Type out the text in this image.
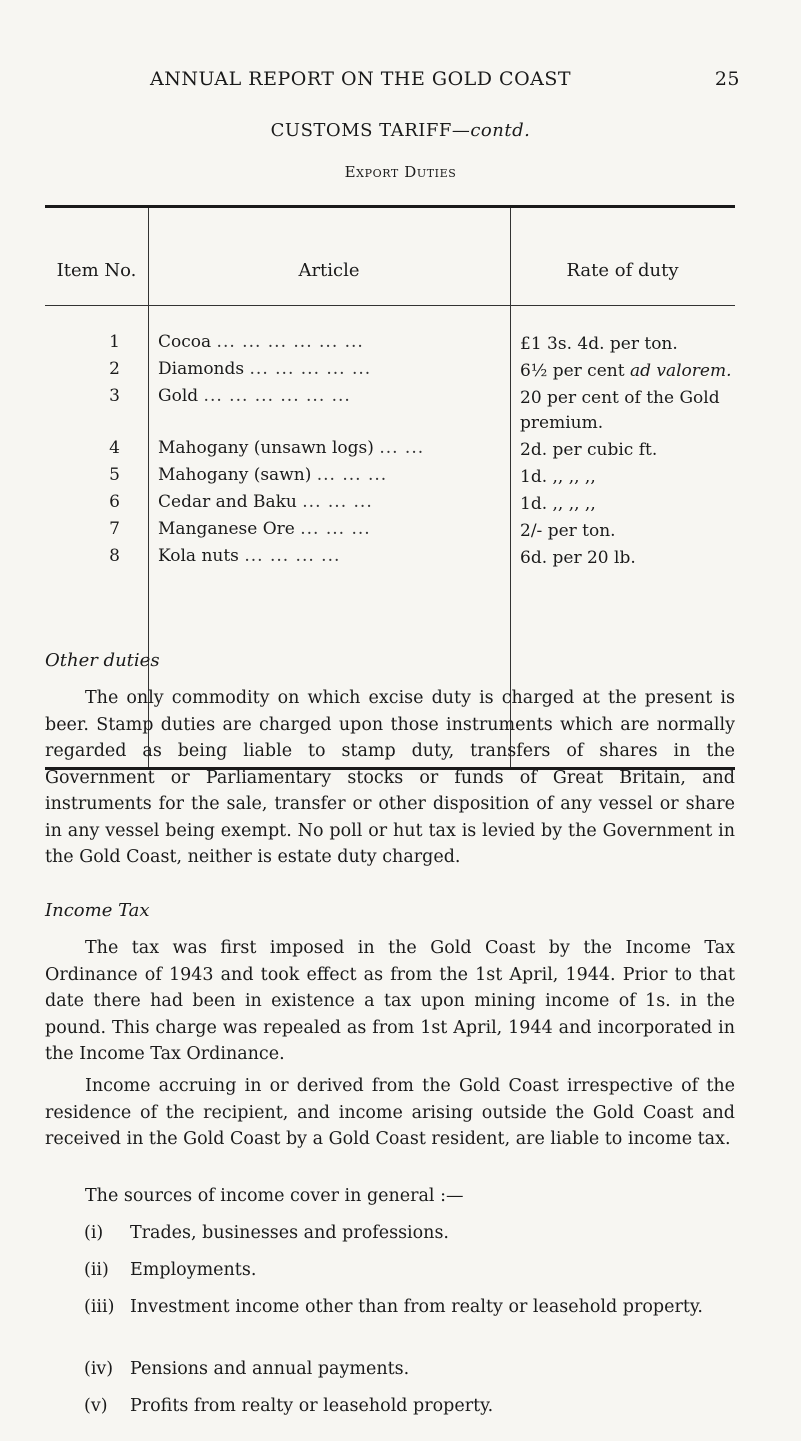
ANNUAL REPORT ON THE GOLD COAST	25
CUSTOMS TARIFF—contd.
Export Duties
Item No.	Article	Rate of duty
1 Cocoa ... ... ... ... ... ...	£1 3s. 4d. per ton.
2 Diamonds ... ... ... ... ...	6½ per cent ad valorem.
3 Gold ... ... ... ... ... ...	20 per cent of the Gold premium.
4 Mahogany (unsawn logs) ... ...	2d. per cubic ft.
5 Mahogany (sawn) ... ... ...	1d. ,, ,, ,,
6 Cedar and Baku ... ... ...	1d. ,, ,, ,,
7 Manganese Ore ... ... ...	2/- per ton.
8 Kola nuts ... ... ... ...	6d. per 20 lb.
Other duties

The only commodity on which excise duty is charged at the present is beer. Stamp duties are charged upon those instruments which are normally regarded as being liable to stamp duty, transfers of shares in the Government or Parliamentary stocks or funds of Great Britain, and instruments for the sale, transfer or other disposition of any vessel or share in any vessel being exempt. No poll or hut tax is levied by the Government in the Gold Coast, neither is estate duty charged.

Income Tax

The tax was first imposed in the Gold Coast by the Income Tax Ordinance of 1943 and took effect as from the 1st April, 1944. Prior to that date there had been in existence a tax upon mining income of 1s. in the pound. This charge was repealed as from 1st April, 1944 and incorporated in the Income Tax Ordinance.

Income accruing in or derived from the Gold Coast irrespective of the residence of the recipient, and income arising outside the Gold Coast and received in the Gold Coast by a Gold Coast resident, are liable to income tax.

The sources of income cover in general :—

(i) Trades, businesses and professions.
(ii) Employments.
(iii) Investment income other than from realty or leasehold property.
(iv) Pensions and annual payments.
(v) Profits from realty or leasehold property.
